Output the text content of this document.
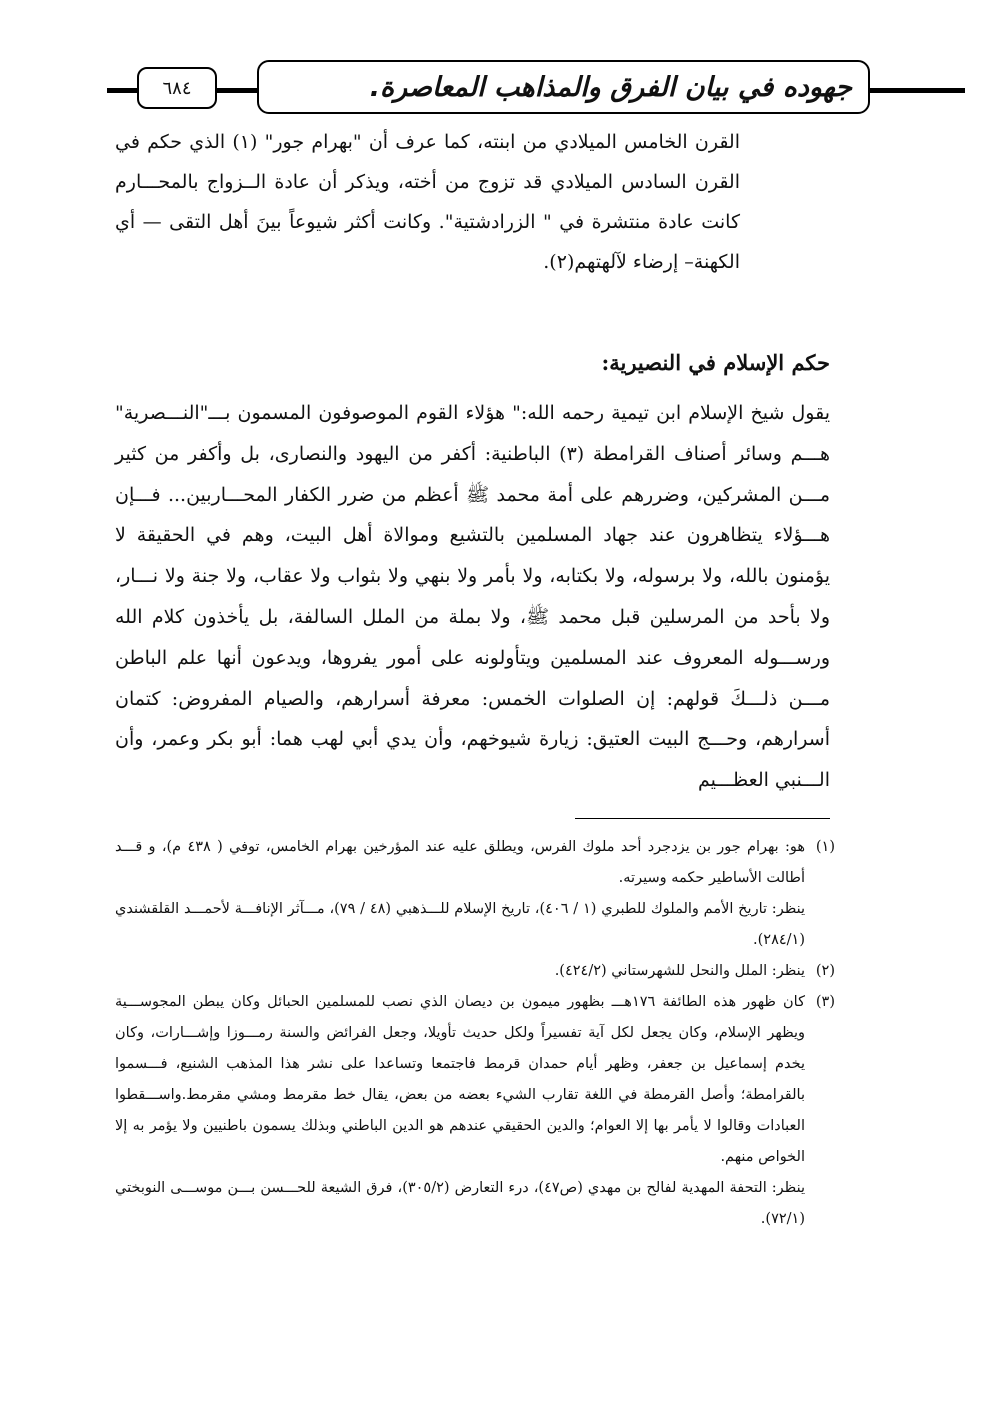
٦٨٤	جهوده في بيان الفرق والمذاهب المعاصرة.

القرن الخامس الميلادي من ابنته، كما عرف أن "بهرام جور" (١) الذي حكم في القرن السادس الميلادي قد تزوج من أخته، ويذكر أن عادة الــزواج بالمحـــارم كانت عادة منتشرة في " الزرادشتية". وكانت أكثر شيوعاً بينَ أهل التقى — أي الكهنة– إرضاء لآلهتهم(٢).

حكم الإسلام في النصيرية:

يقول شيخ الإسلام ابن تيمية رحمه الله:" هؤلاء القوم الموصوفون المسمون بـــ"النـــصرية" هـــم وسائر أصناف القرامطة (٣) الباطنية: أكفر من اليهود والنصارى، بل وأكفر من كثير مـــن المشركين، وضررهم على أمة محمد ﷺ أعظم من ضرر الكفار المحـــاربين... فـــإن هـــؤلاء يتظاهرون عند جهاد المسلمين بالتشيع وموالاة أهل البيت، وهم في الحقيقة لا يؤمنون بالله، ولا برسوله، ولا بكتابه، ولا بأمر ولا بنهي ولا بثواب ولا عقاب، ولا جنة ولا نـــار، ولا بأحد من المرسلين قبل محمد ﷺ، ولا بملة من الملل السالفة، بل يأخذون كلام الله ورســـوله المعروف عند المسلمين ويتأولونه على أمور يفروها، ويدعون أنها علم الباطن مـــن ذلـــكَ قولهم: إن الصلوات الخمس: معرفة أسرارهم، والصيام المفروض: كتمان أسرارهم، وحـــج البيت العتيق: زيارة شيوخهم، وأن يدي أبي لهب هما: أبو بكر وعمر، وأن الـــنبي العظـــيم

(١)
هو: بهرام جور بن يزدجرد أحد ملوك الفرس، ويطلق عليه عند المؤرخين بهرام الخامس، توفي ( ٤٣٨ م)، و قـــد أطالت الأساطير حكمه وسيرته.
ينظر: تاريخ الأمم والملوك للطبري (١ / ٤٠٦)، تاريخ الإسلام للـــذهبي (٤٨ / ٧٩)، مـــآثر الإنافـــة لأحمـــد القلقشندي (٢٨٤/١).
(٢)
ينظر: الملل والنحل للشهرستاني (٤٢٤/٢).
(٣)
كان ظهور هذه الطائفة ١٧٦هـــ بظهور ميمون بن ديصان الذي نصب للمسلمين الحبائل وكان يبطن المجوســـية ويظهر الإسلام، وكان يجعل لكل آية تفسيراً ولكل حديث تأويلا، وجعل الفرائض والسنة رمـــوزا وإشـــارات، وكان يخدم إسماعيل بن جعفر، وظهر أيام حمدان قرمط فاجتمعا وتساعدا على نشر هذا المذهب الشنيع، فـــسموا بالقرامطة؛ وأصل القرمطة في اللغة تقارب الشيء بعضه من بعض، يقال خط مقرمط ومشي مقرمط.واســـقطوا العبادات وقالوا لا يأمر بها إلا العوام؛ والدين الحقيقي عندهم هو الدين الباطني وبذلك يسمون باطنيين ولا يؤمر به إلا الخواص منهم.
ينظر: التحفة المهدية لفالح بن مهدي (ص٤٧)، درء التعارض (٣٠٥/٢)، فرق الشيعة للحـــسن بـــن موســـى النوبختي (٧٢/١).
